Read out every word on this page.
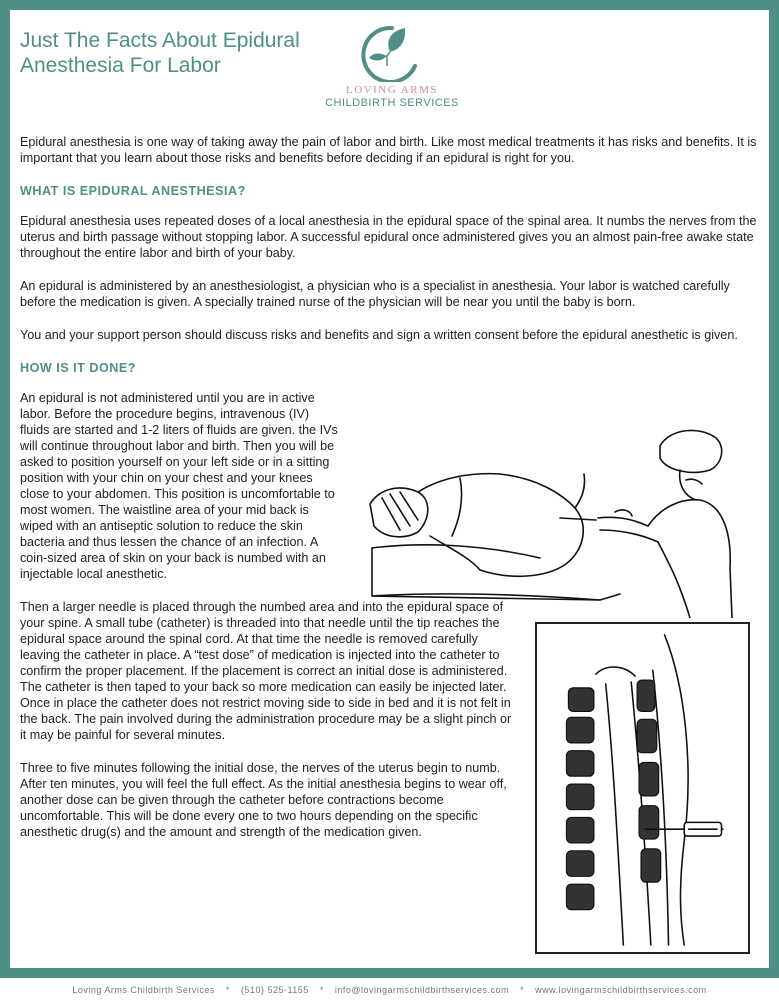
Just The Facts About Epidural Anesthesia For Labor
LOVING ARMS
CHILDBIRTH SERVICES

Epidural anesthesia is one way of taking away the pain of labor and birth. Like most medical treatments it has risks and benefits. It is important that you learn about those risks and benefits before deciding if an epidural is right for you.

WHAT IS EPIDURAL ANESTHESIA?

Epidural anesthesia uses repeated doses of a local anesthesia in the epidural space of the spinal area. It numbs the nerves from the uterus and birth passage without stopping labor. A successful epidural once administered gives you an almost pain-free awake state throughout the entire labor and birth of your baby.

An epidural is administered by an anesthesiologist, a physician who is a specialist in anesthesia. Your labor is watched carefully before the medication is given. A specially trained nurse of the physician will be near you until the baby is born.

You and your support person should discuss risks and benefits and sign a written consent before the epidural anesthetic is given.

HOW IS IT DONE?

An epidural is not administered until you are in active labor. Before the procedure begins, intravenous (IV) fluids are started and 1-2 liters of fluids are given. the IVs will continue throughout labor and birth. Then you will be asked to position yourself on your left side or in a sitting position with your chin on your chest and your knees close to your abdomen. This position is uncomfortable to most women. The waistline area of your mid back is wiped with an antiseptic solution to reduce the skin bacteria and thus lessen the chance of an infection. A coin-sized area of skin on your back is numbed with an injectable local anesthetic.

Then a larger needle is placed through the numbed area and into the epidural space of your spine. A small tube (catheter) is threaded into that needle until the tip reaches the epidural space around the spinal cord. At that time the needle is removed carefully leaving the catheter in place. A “test dose” of medication is injected into the catheter to confirm the proper placement. If the placement is correct an initial dose is administered. The catheter is then taped to your back so more medication can easily be injected later. Once in place the catheter does not restrict moving side to side in bed and it is not felt in the back. The pain involved during the administration procedure may be a slight pinch or it may be painful for several minutes.

Three to five minutes following the initial dose, the nerves of the uterus begin to numb. After ten minutes, you will feel the full effect. As the initial anesthesia begins to wear off, another dose can be given through the catheter before contractions become uncomfortable. This will be done every one to two hours depending on the specific anesthetic drug(s) and the amount and strength of the medication given.

Loving Arms Childbirth Services * (510) 525-1155 * info@lovingarmschildbirthservices.com * www.lovingarmschildbirthservices.com
